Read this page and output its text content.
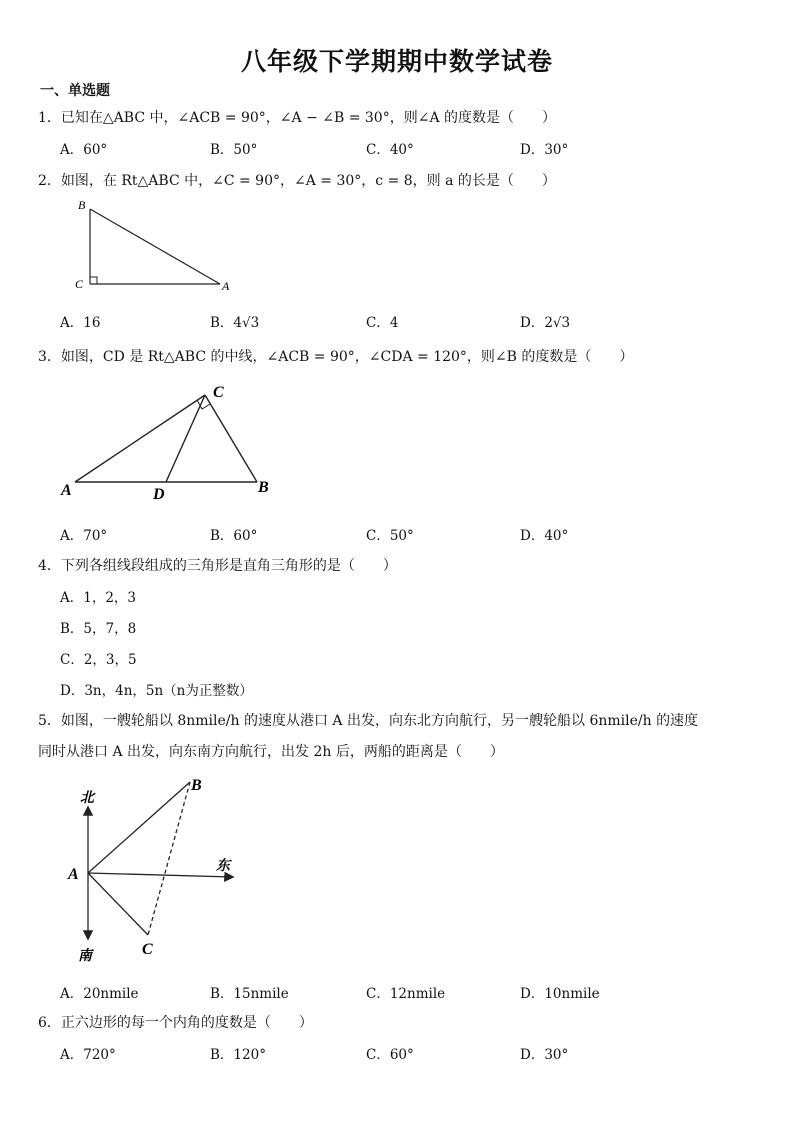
八年级下学期期中数学试卷
一、单选题
1．已知在△ABC 中，∠ACB = 90°，∠A − ∠B = 30°，则∠A 的度数是（　　）
A．60°	B．50°	C．40°	D．30°
2．如图，在 Rt△ABC 中，∠C = 90°，∠A = 30°，c = 8，则 a 的长是（　　）
B
C	A
A．16	B．4√3	C．4	D．2√3
3．如图，CD 是 Rt△ABC 的中线，∠ACB = 90°，∠CDA = 120°，则∠B 的度数是（　　）
C
A	D	B
A．70°	B．60°	C．50°	D．40°
4．下列各组线段组成的三角形是直角三角形的是（　　）
A．1，2，3
B．5，7，8
C．2，3，5
D．3n，4n，5n（n为正整数）
5．如图，一艘轮船以 8nmile/h 的速度从港口 A 出发，向东北方向航行，另一艘轮船以 6nmile/h 的速度
同时从港口 A 出发，向东南方向航行，出发 2h 后，两船的距离是（　　）
北
B
东
A
南	C
A．20nmile	B．15nmile	C．12nmile	D．10nmile
6．正六边形的每一个内角的度数是（　　）
A．720°	B．120°	C．60°	D．30°
